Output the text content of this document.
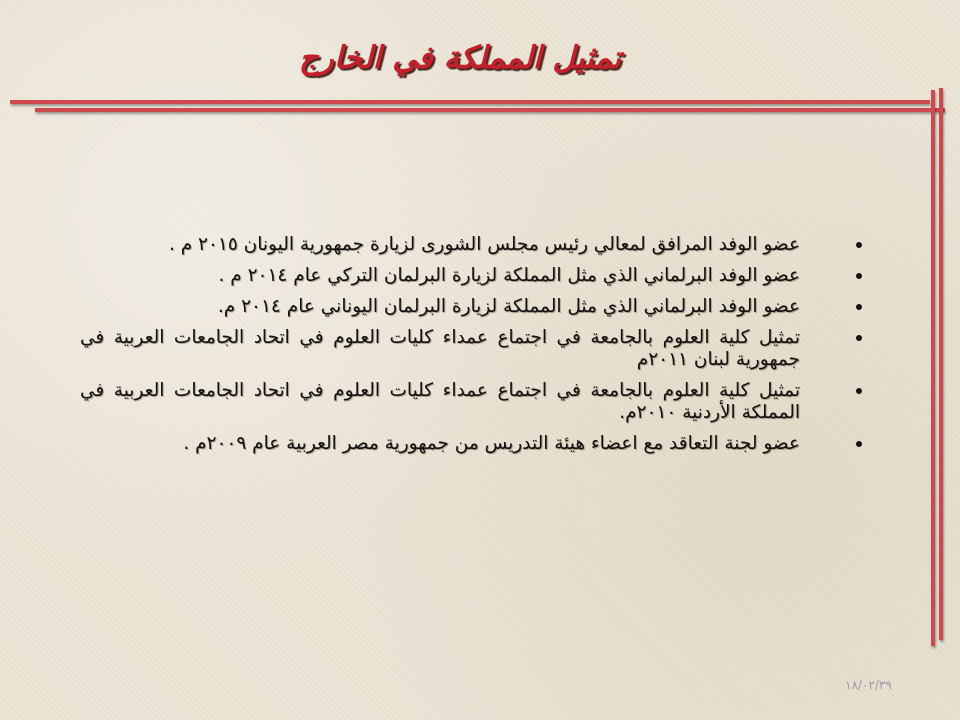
تمثيل المملكة في الخارج
عضو الوفد المرافق لمعالي رئيس مجلس الشورى لزيارة جمهورية اليونان ٢٠١٥ م .
عضو الوفد البرلماني الذي مثل المملكة لزيارة البرلمان التركي عام ٢٠١٤ م .
عضو الوفد البرلماني الذي مثل المملكة لزيارة البرلمان اليوناني عام ٢٠١٤ م.
تمثيل كلية العلوم بالجامعة في اجتماع عمداء كليات العلوم في اتحاد الجامعات العربية في جمهورية لبنان ٢٠١١م
تمثيل كلية العلوم بالجامعة في اجتماع عمداء كليات العلوم في اتحاد الجامعات العربية في المملكة الأردنية ٢٠١٠م.
عضو لجنة التعاقد مع اعضاء هيئة التدريس من جمهورية مصر العربية عام ٢٠٠٩م .
١٨/٠٢/٣٩
